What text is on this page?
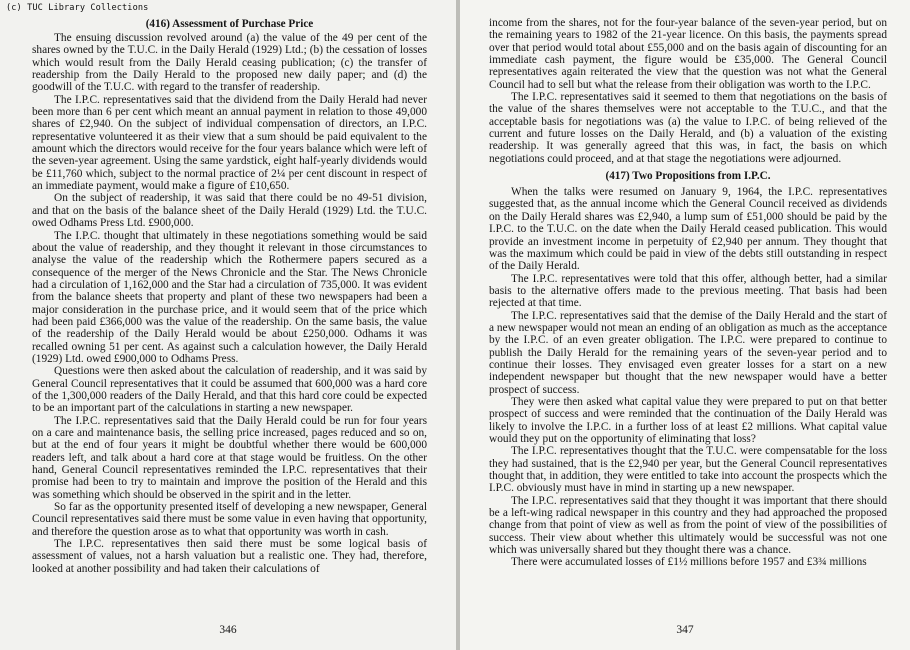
(416) Assessment of Purchase Price

The ensuing discussion revolved around (a) the value of the 49 per cent of the shares owned by the T.U.C. in the Daily Herald (1929) Ltd.; (b) the cessation of losses which would result from the Daily Herald ceasing publication; (c) the transfer of readership from the Daily Herald to the proposed new daily paper; and (d) the goodwill of the T.U.C. with regard to the transfer of readership.

The I.P.C. representatives said that the dividend from the Daily Herald had never been more than 6 per cent which meant an annual payment in relation to those 49,000 shares of £2,940. On the subject of individual compensation of directors, an I.P.C. representative volunteered it as their view that a sum should be paid equivalent to the amount which the directors would receive for the four years balance which were left of the seven-year agreement. Using the same yardstick, eight half-yearly dividends would be £11,760 which, subject to the normal practice of 2¼ per cent discount in respect of an immediate payment, would make a figure of £10,650.

On the subject of readership, it was said that there could be no 49-51 division, and that on the basis of the balance sheet of the Daily Herald (1929) Ltd. the T.U.C. owed Odhams Press Ltd. £900,000.

The I.P.C. thought that ultimately in these negotiations something would be said about the value of readership, and they thought it relevant in those circumstances to analyse the value of the readership which the Rothermere papers secured as a consequence of the merger of the News Chronicle and the Star. The News Chronicle had a circulation of 1,162,000 and the Star had a circulation of 735,000. It was evident from the balance sheets that property and plant of these two newspapers had been a major consideration in the purchase price, and it would seem that of the price which had been paid £366,000 was the value of the readership. On the same basis, the value of the readership of the Daily Herald would be about £250,000. Odhams it was recalled owning 51 per cent. As against such a calculation however, the Daily Herald (1929) Ltd. owed £900,000 to Odhams Press.

Questions were then asked about the calculation of readership, and it was said by General Council representatives that it could be assumed that 600,000 was a hard core of the 1,300,000 readers of the Daily Herald, and that this hard core could be expected to be an important part of the calculations in starting a new newspaper.

The I.P.C. representatives said that the Daily Herald could be run for four years on a care and maintenance basis, the selling price increased, pages reduced and so on, but at the end of four years it might be doubtful whether there would be 600,000 readers left, and talk about a hard core at that stage would be fruitless. On the other hand, General Council representatives reminded the I.P.C. representatives that their promise had been to try to maintain and improve the position of the Herald and this was something which should be observed in the spirit and in the letter.

So far as the opportunity presented itself of developing a new newspaper, General Council representatives said there must be some value in even having that opportunity, and therefore the question arose as to what that opportunity was worth in cash.

The I.P.C. representatives then said there must be some logical basis of assessment of values, not a harsh valuation but a realistic one. They had, therefore, looked at another possibility and had taken their calculations of

346

income from the shares, not for the four-year balance of the seven-year period, but on the remaining years to 1982 of the 21-year licence. On this basis, the payments spread over that period would total about £55,000 and on the basis again of discounting for an immediate cash payment, the figure would be £35,000. The General Council representatives again reiterated the view that the question was not what the General Council had to sell but what the release from their obligation was worth to the I.P.C.

The I.P.C. representatives said it seemed to them that negotiations on the basis of the value of the shares themselves were not acceptable to the T.U.C., and that the acceptable basis for negotiations was (a) the value to I.P.C. of being relieved of the current and future losses on the Daily Herald, and (b) a valuation of the existing readership. It was generally agreed that this was, in fact, the basis on which negotiations could proceed, and at that stage the negotiations were adjourned.

(417) Two Propositions from I.P.C.

When the talks were resumed on January 9, 1964, the I.P.C. representatives suggested that, as the annual income which the General Council received as dividends on the Daily Herald shares was £2,940, a lump sum of £51,000 should be paid by the I.P.C. to the T.U.C. on the date when the Daily Herald ceased publication. This would provide an investment income in perpetuity of £2,940 per annum. They thought that was the maximum which could be paid in view of the debts still outstanding in respect of the Daily Herald.

The I.P.C. representatives were told that this offer, although better, had a similar basis to the alternative offers made to the previous meeting. That basis had been rejected at that time.

The I.P.C. representatives said that the demise of the Daily Herald and the start of a new newspaper would not mean an ending of an obligation as much as the acceptance by the I.P.C. of an even greater obligation. The I.P.C. were prepared to continue to publish the Daily Herald for the remaining years of the seven-year period and to continue their losses. They envisaged even greater losses for a start on a new independent newspaper but thought that the new newspaper would have a better prospect of success.

They were then asked what capital value they were prepared to put on that better prospect of success and were reminded that the continuation of the Daily Herald was likely to involve the I.P.C. in a further loss of at least £2 millions. What capital value would they put on the opportunity of eliminating that loss?

The I.P.C. representatives thought that the T.U.C. were compensatable for the loss they had sustained, that is the £2,940 per year, but the General Council representatives thought that, in addition, they were entitled to take into account the prospects which the I.P.C. obviously must have in mind in starting up a new newspaper.

The I.P.C. representatives said that they thought it was important that there should be a left-wing radical newspaper in this country and they had approached the proposed change from that point of view as well as from the point of view of the possibilities of success. Their view about whether this ultimately would be successful was not one which was universally shared but they thought there was a chance.

There were accumulated losses of £1½ millions before 1957 and £3¾ millions

347
(c) TUC Library Collections
